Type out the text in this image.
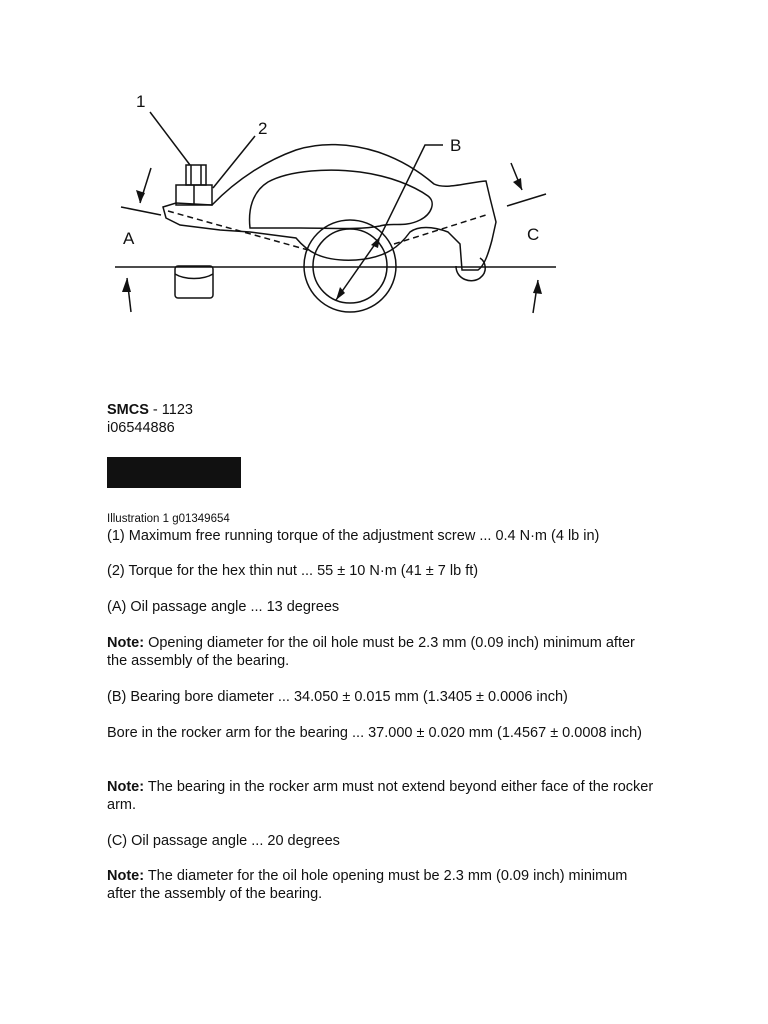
1
2
B
A	C

SMCS - 1123

i06544886

Illustration 1 g01349654

(1) Maximum free running torque of the adjustment screw ... 0.4 N·m (4 lb in)

(2) Torque for the hex thin nut ... 55 ± 10 N·m (41 ± 7 lb ft)

(A) Oil passage angle ... 13 degrees

Note: Opening diameter for the oil hole must be 2.3 mm (0.09 inch) minimum after the assembly of the bearing.

(B) Bearing bore diameter ... 34.050 ± 0.015 mm (1.3405 ± 0.0006 inch)

Bore in the rocker arm for the bearing ... 37.000 ± 0.020 mm (1.4567 ± 0.0008 inch)

Note: The bearing in the rocker arm must not extend beyond either face of the rocker arm.

(C) Oil passage angle ... 20 degrees

Note: The diameter for the oil hole opening must be 2.3 mm (0.09 inch) minimum after the assembly of the bearing.
